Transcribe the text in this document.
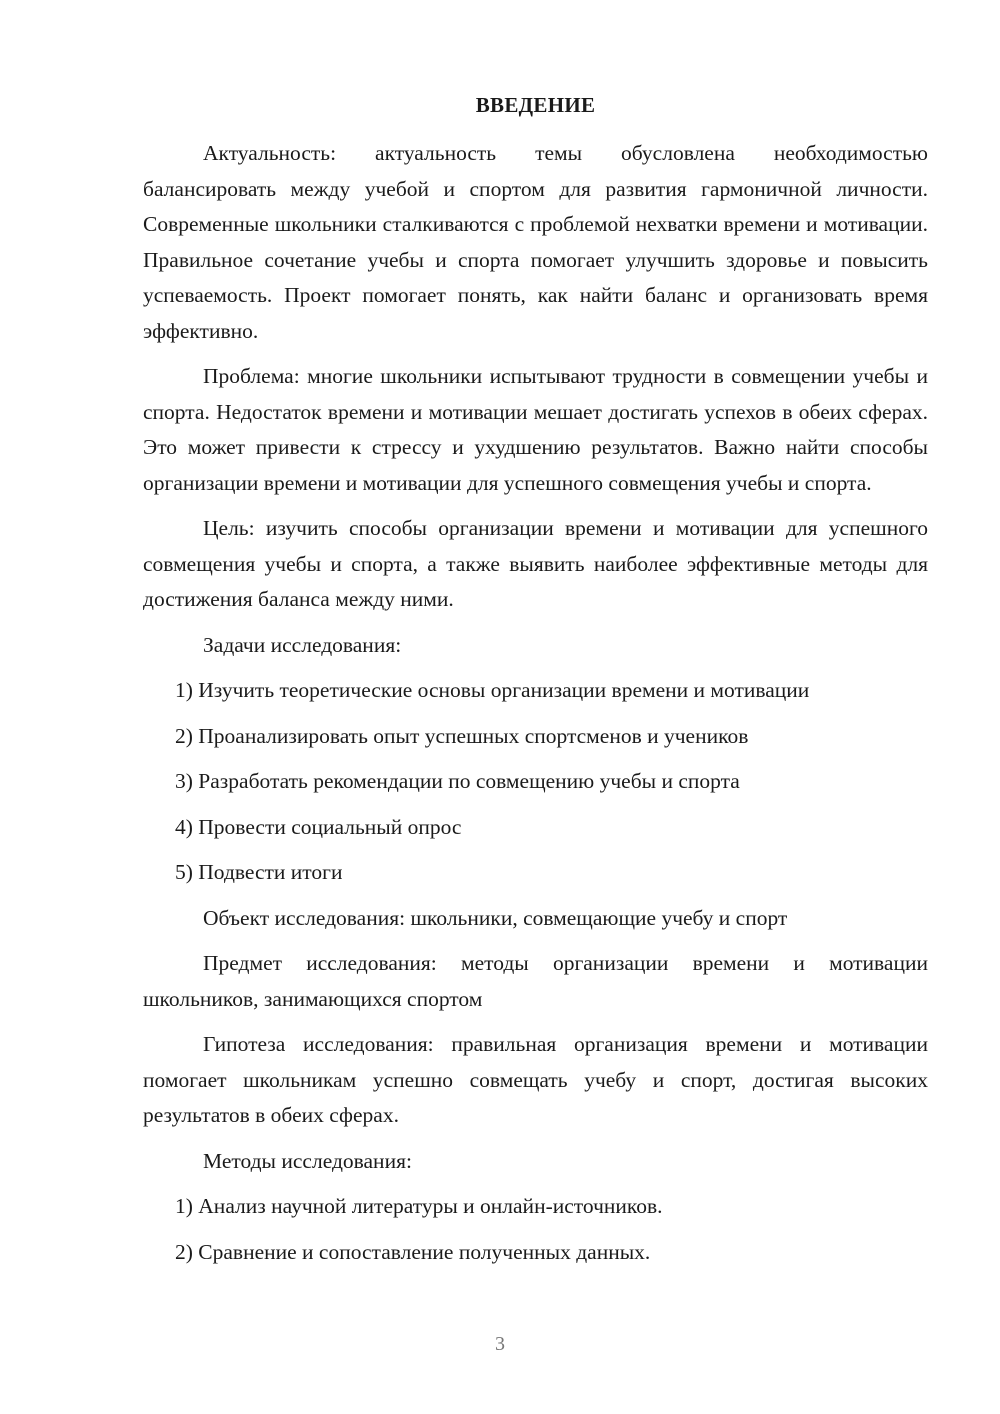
ВВЕДЕНИЕ

Актуальность: актуальность темы обусловлена необходимостью балансировать между учебой и спортом для развития гармоничной личности. Современные школьники сталкиваются с проблемой нехватки времени и мотивации. Правильное сочетание учебы и спорта помогает улучшить здоровье и повысить успеваемость. Проект помогает понять, как найти баланс и организовать время эффективно.

Проблема: многие школьники испытывают трудности в совмещении учебы и спорта. Недостаток времени и мотивации мешает достигать успехов в обеих сферах. Это может привести к стрессу и ухудшению результатов. Важно найти способы организации времени и мотивации для успешного совмещения учебы и спорта.

Цель: изучить способы организации времени и мотивации для успешного совмещения учебы и спорта, а также выявить наиболее эффективные методы для достижения баланса между ними.

Задачи исследования:

1) Изучить теоретические основы организации времени и мотивации
2) Проанализировать опыт успешных спортсменов и учеников
3) Разработать рекомендации по совмещению учебы и спорта
4) Провести социальный опрос
5) Подвести итоги

Объект исследования: школьники, совмещающие учебу и спорт

Предмет исследования: методы организации времени и мотивации школьников, занимающихся спортом

Гипотеза исследования: правильная организация времени и мотивации помогает школьникам успешно совмещать учебу и спорт, достигая высоких результатов в обеих сферах.

Методы исследования:

1) Анализ научной литературы и онлайн-источников.
2) Сравнение и сопоставление полученных данных.
3
